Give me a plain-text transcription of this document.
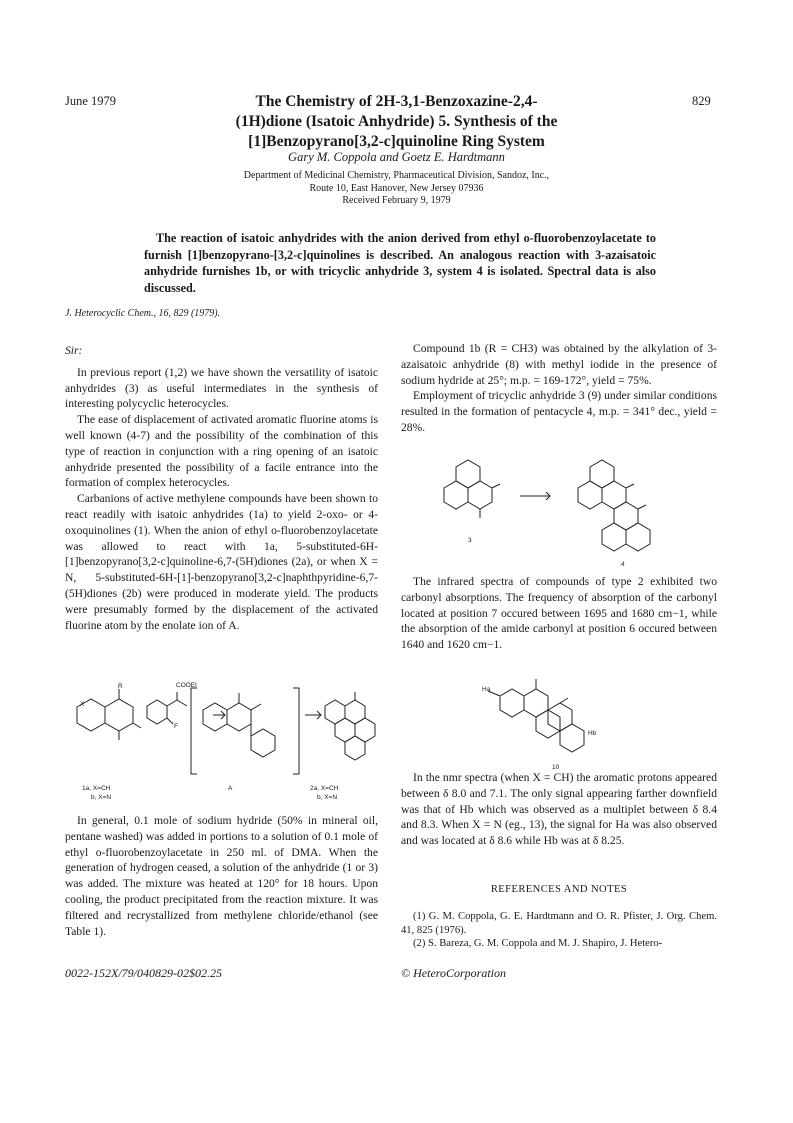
June 1979	829
The Chemistry of 2H-3,1-Benzoxazine-2,4-
(1H)dione (Isatoic Anhydride) 5. Synthesis of the
[1]Benzopyrano[3,2-c]quinoline Ring System
Gary M. Coppola and Goetz E. Hardtmann
Department of Medicinal Chemistry, Pharmaceutical Division, Sandoz, Inc.,
Route 10, East Hanover, New Jersey 07936
Received February 9, 1979
The reaction of isatoic anhydrides with the anion derived from ethyl o-fluorobenzoylacetate to furnish [1]benzopyrano-[3,2-c]quinolines is described. An analogous reaction with 3-azaisatoic anhydride furnishes 1b, or with tricyclic anhydride 3, system 4 is isolated. Spectral data is also discussed.
J. Heterocyclic Chem., 16, 829 (1979).
Sir:

In previous report (1,2) we have shown the versatility of isatoic anhydrides (3) as useful intermediates in the synthesis of interesting polycyclic heterocycles.

The ease of displacement of activated aromatic fluorine atoms is well known (4-7) and the possibility of the combination of this type of reaction in conjunction with a ring opening of an isatoic anhydride presented the possibility of a facile entrance into the formation of complex heterocycles.

Carbanions of active methylene compounds have been shown to react readily with isatoic anhydrides (1a) to yield 2-oxo- or 4-oxoquinolines (1). When the anion of ethyl o-fluorobenzoylacetate was allowed to react with 1a, 5-substituted-6H-[1]benzopyrano[3,2-c]quinoline-6,7-(5H)diones (2a), or when X = N, 5-substituted-6H-[1]-benzopyrano[3,2-c]naphthpyridine-6,7-(5H)diones (2b) were produced in moderate yield. The products were presumably formed by the displacement of the activated fluorine atom by the enolate ion of A.

R
X
COOEt
F
1a, X=CH
b, X=N
A	2a, X=CH
b, X=N

In general, 0.1 mole of sodium hydride (50% in mineral oil, pentane washed) was added in portions to a solution of 0.1 mole of ethyl o-fluorobenzoylacetate in 250 ml. of DMA. When the generation of hydrogen ceased, a solution of the anhydride (1 or 3) was added. The mixture was heated at 120° for 18 hours. Upon cooling, the product precipitated from the reaction mixture. It was filtered and recrystallized from methylene chloride/ethanol (see Table 1).

0022-152X/79/040829-02$02.25

Compound 1b (R = CH3) was obtained by the alkylation of 3-azaisatoic anhydride (8) with methyl iodide in the presence of sodium hydride at 25°; m.p. = 169-172°, yield = 75%.

Employment of tricyclic anhydride 3 (9) under similar conditions resulted in the formation of pentacycle 4, m.p. = 341° dec., yield = 28%.

3
4

The infrared spectra of compounds of type 2 exhibited two carbonyl absorptions. The frequency of absorption of the carbonyl located at position 7 occured between 1695 and 1680 cm−1, while the absorption of the amide carbonyl at position 6 occured between 1640 and 1620 cm−1.

10
Ha
Hb

In the nmr spectra (when X = CH) the aromatic protons appeared between δ 8.0 and 7.1. The only signal appearing farther downfield was that of Hb which was observed as a multiplet between δ 8.4 and 8.3. When X = N (eg., 13), the signal for Ha was also observed and was located at δ 8.6 while Hb was at δ 8.25.

REFERENCES AND NOTES

(1) G. M. Coppola, G. E. Hardtmann and O. R. Pfister, J. Org. Chem. 41, 825 (1976).

(2) S. Bareza, G. M. Coppola and M. J. Shapiro, J. Hetero-

© HeteroCorporation
